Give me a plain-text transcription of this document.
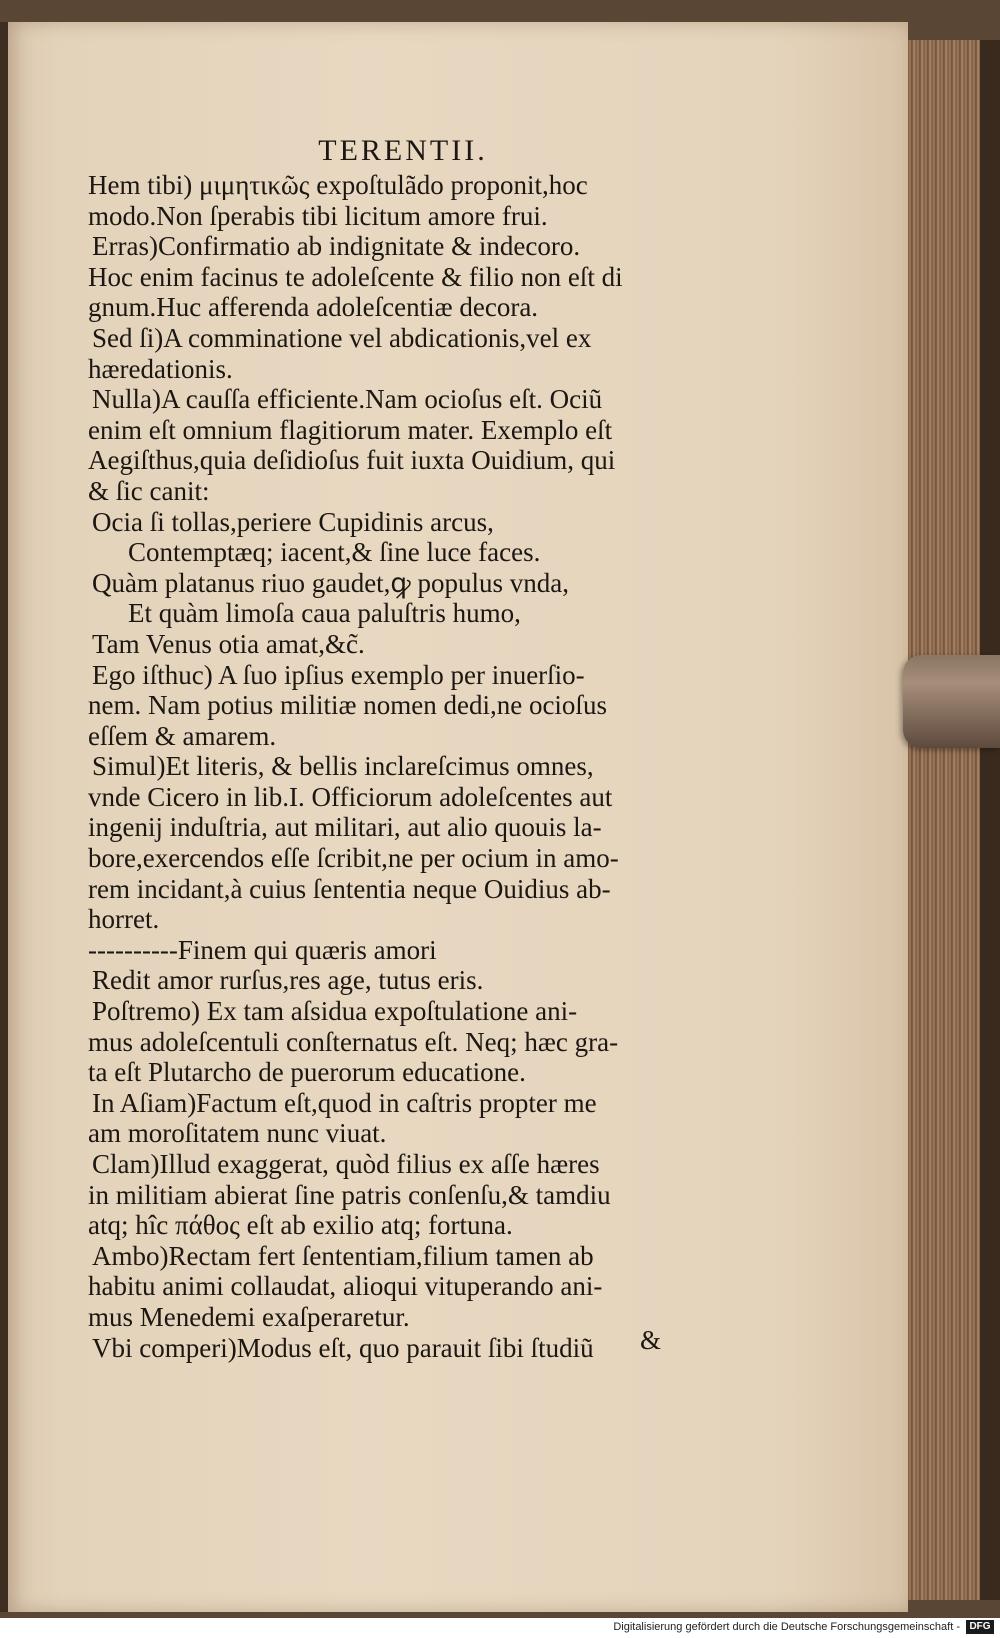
TERENTII.
Hem tibi) μιμητικῶς expoſtulãdo proponit,hoc
modo.Non ſperabis tibi licitum amore frui.
Erras)Confirmatio ab indignitate & indecoro.
Hoc enim facinus te adoleſcente & filio non eſt di
gnum.Huc afferenda adoleſcentiæ decora.
Sed ſi)A comminatione vel abdicationis,vel ex
hæredationis.
Nulla)A cauſſa efficiente.Nam ocioſus eſt. Ociũ
enim eſt omnium flagitiorum mater. Exemplo eſt
Aegiſthus,quia deſidioſus fuit iuxta Ouidium, qui
& ſic canit:
Ocia ſi tollas,periere Cupidinis arcus,
Contemptæq; iacent,& ſine luce faces.
Quàm platanus riuo gaudet,ꝙ populus vnda,
Et quàm limoſa caua paluſtris humo,
Tam Venus otia amat,&c̃.
Ego iſthuc) A ſuo ipſius exemplo per inuerſio-
nem. Nam potius militiæ nomen dedi,ne ocioſus
eſſem & amarem.
Simul)Et literis, & bellis inclareſcimus omnes,
vnde Cicero in lib.I. Officiorum adoleſcentes aut
ingenĳ induſtria, aut militari, aut alio quouis la-
bore,exercendos eſſe ſcribit,ne per ocium in amo-
rem incidant,à cuius ſententia neque Ouidius ab-
horret.
----------Finem qui quæris amori
Redit amor rurſus,res age, tutus eris.
Poſtremo) Ex tam aſsidua expoſtulatione ani-
mus adoleſcentuli conſternatus eſt. Neq; hæc gra-
ta eſt Plutarcho de puerorum educatione.
In Aſiam)Factum eſt,quod in caſtris propter me
am moroſitatem nunc viuat.
Clam)Illud exaggerat, quòd filius ex aſſe hæres
in militiam abierat ſine patris conſenſu,& tamdiu
atq; hîc πάθος eſt ab exilio atq; fortuna.
Ambo)Rectam fert ſententiam,filium tamen ab
habitu animi collaudat, alioqui vituperando ani-
mus Menedemi exaſperaretur.
Vbi comperi)Modus eſt, quo parauit ſibi ſtudiũ	&
Digitalisierung gefördert durch die Deutsche Forschungsgemeinschaft - DFG
